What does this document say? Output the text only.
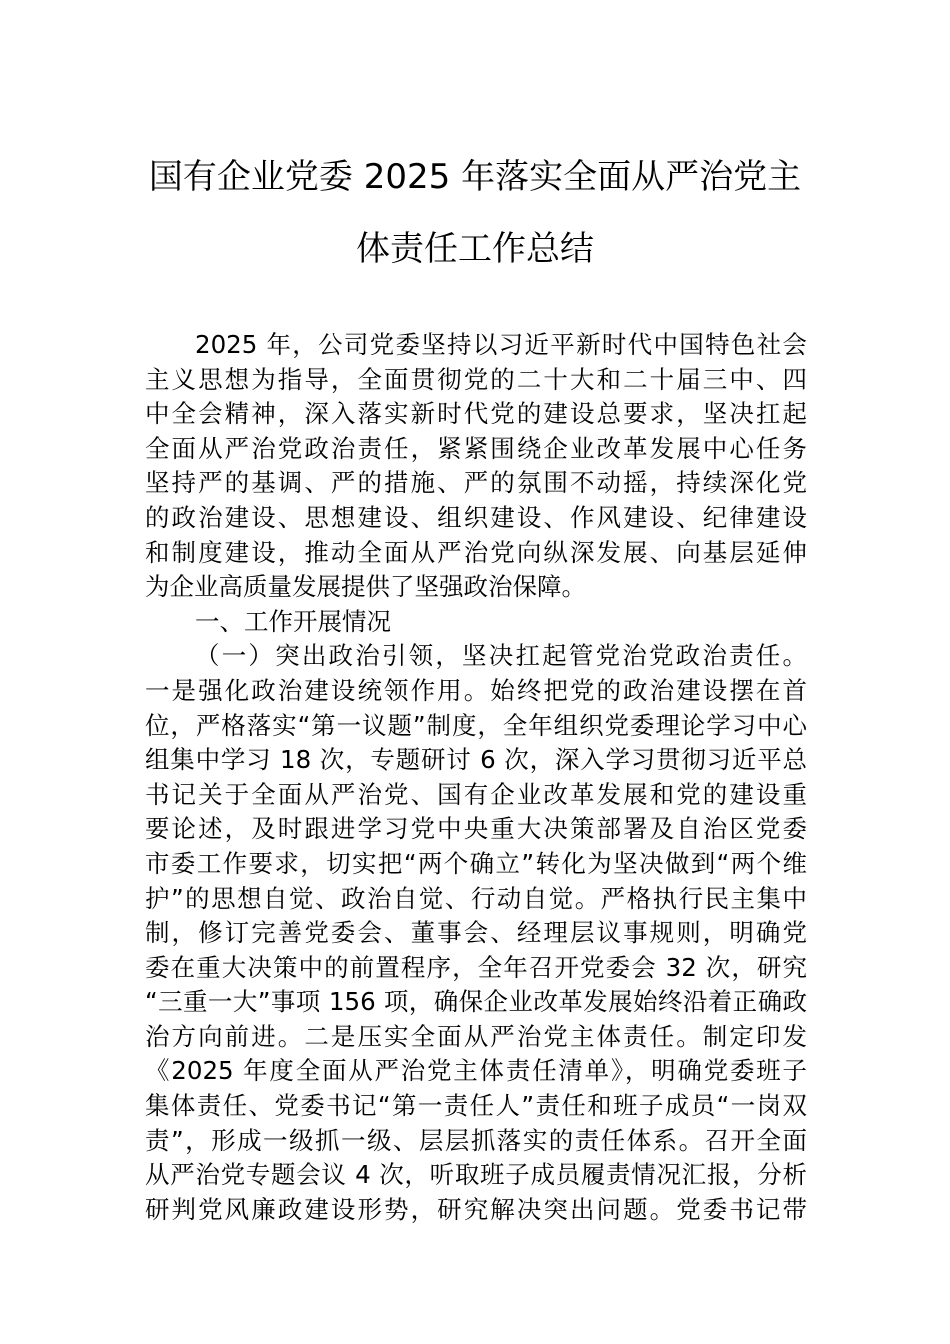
国有企业党委 2025 年落实全面从严治党主
体责任工作总结
2025 年，公司党委坚持以习近平新时代中国特色社会
主义思想为指导，全面贯彻党的二十大和二十届三中、四
中全会精神，深入落实新时代党的建设总要求，坚决扛起
全面从严治党政治责任，紧紧围绕企业改革发展中心任务
坚持严的基调、严的措施、严的氛围不动摇，持续深化党
的政治建设、思想建设、组织建设、作风建设、纪律建设
和制度建设，推动全面从严治党向纵深发展、向基层延伸
为企业高质量发展提供了坚强政治保障。
一、工作开展情况
（一）突出政治引领，坚决扛起管党治党政治责任。
一是强化政治建设统领作用。始终把党的政治建设摆在首
位，严格落实“第一议题”制度，全年组织党委理论学习中心
组集中学习 18 次，专题研讨 6 次，深入学习贯彻习近平总
书记关于全面从严治党、国有企业改革发展和党的建设重
要论述，及时跟进学习党中央重大决策部署及自治区党委
市委工作要求，切实把“两个确立”转化为坚决做到“两个维
护”的思想自觉、政治自觉、行动自觉。严格执行民主集中
制，修订完善党委会、董事会、经理层议事规则，明确党
委在重大决策中的前置程序，全年召开党委会 32 次，研究
“三重一大”事项 156 项，确保企业改革发展始终沿着正确政
治方向前进。二是压实全面从严治党主体责任。制定印发
《2025 年度全面从严治党主体责任清单》，明确党委班子
集体责任、党委书记“第一责任人”责任和班子成员“一岗双
责”，形成一级抓一级、层层抓落实的责任体系。召开全面
从严治党专题会议 4 次，听取班子成员履责情况汇报，分析
研判党风廉政建设形势，研究解决突出问题。党委书记带
